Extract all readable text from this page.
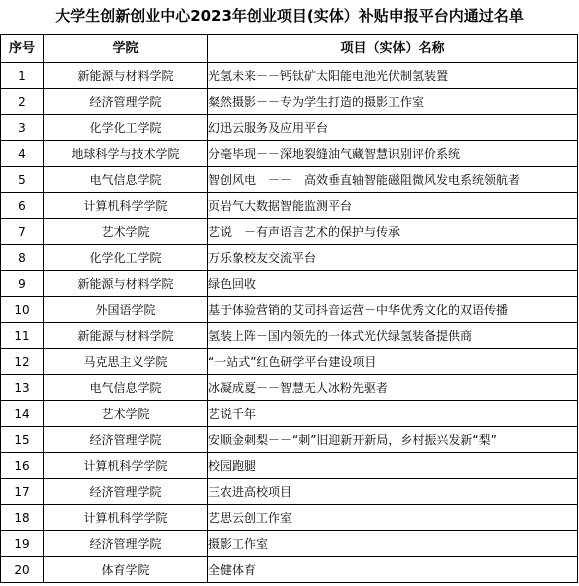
大学生创新创业中心2023年创业项目(实体）补贴申报平台内通过名单
序号	学院	项目（实体）名称
1	新能源与材料学院	光氢未来－－钙钛矿太阳能电池光伏制氢装置
2	经济管理学院	粲然摄影－－专为学生打造的摄影工作室
3	化学化工学院	幻迅云服务及应用平台
4	地球科学与技术学院	分毫毕现－－深地裂缝油气藏智慧识别评价系统
5	电气信息学院	智创风电　－－　高效垂直轴智能磁阻微风发电系统领航者
6	计算机科学学院	页岩气大数据智能监测平台
7	艺术学院	艺说　－有声语言艺术的保护与传承
8	化学化工学院	万乐象校友交流平台
9	新能源与材料学院	绿色回收
10	外国语学院	基于体验营销的艾司抖音运营－中华优秀文化的双语传播
11	新能源与材料学院	氢装上阵－国内领先的一体式光伏绿氢装备提供商
12	马克思主义学院	“一站式”红色研学平台建设项目
13	电气信息学院	冰凝成夏－－智慧无人冰粉先驱者
14	艺术学院	艺说千年
15	经济管理学院	安顺金刺梨－－“刺”旧迎新开新局，乡村振兴发新“梨”
16	计算机科学学院	校园跑腿
17	经济管理学院	三农进高校项目
18	计算机科学学院	艺思云创工作室
19	经济管理学院	摄影工作室
20	体育学院	全健体育
